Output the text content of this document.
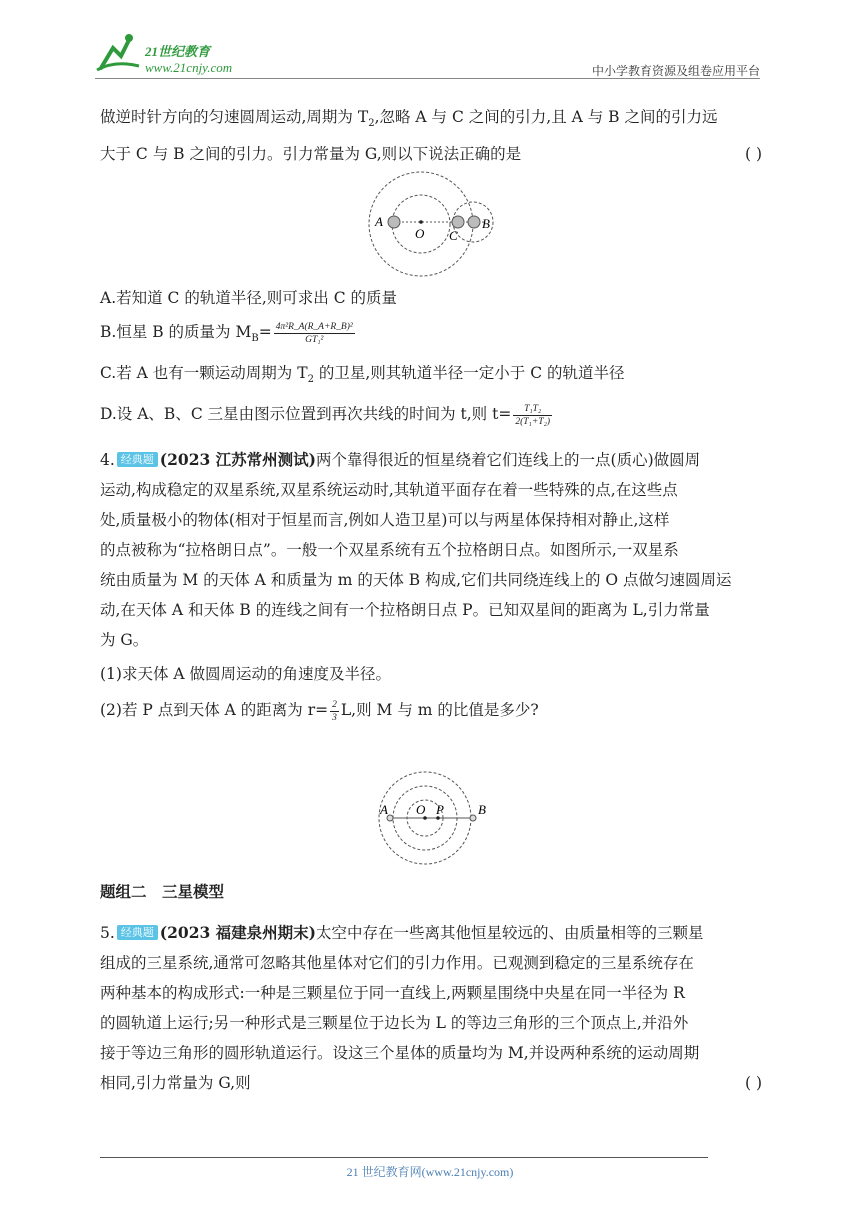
21世纪教育
www.21cnjy.com	中小学教育资源及组卷应用平台
做逆时针方向的匀速圆周运动,周期为 $T_2$,忽略 A 与 C 之间的引力,且 A 与 B 之间的引力远
大于 C 与 B 之间的引力。引力常量为 G,则以下说法正确的是	( )
A
O C
B
A.若知道 C 的轨道半径,则可求出 C 的质量
B.恒星 B 的质量为 $M_B= \frac{\text{4π²R\_A(R\_A+R\_B)²}}{\text{GT₁²}}$
C.若 A 也有一颗运动周期为 $T_2$ 的卫星,则其轨道半径一定小于 C 的轨道半径
D.设 A、B、C 三星由图示位置到再次共线的时间为 t,则 $t= \frac{\text{T₁T₂}}{\text{2(T₁+T₂)}}$
4. 经典题 (2023 江苏常州测试)两个靠得很近的恒星绕着它们连线上的一点(质心)做圆周
运动,构成稳定的双星系统,双星系统运动时,其轨道平面存在着一些特殊的点,在这些点
处,质量极小的物体(相对于恒星而言,例如人造卫星)可以与两星体保持相对静止,这样
的点被称为“拉格朗日点”。一般一个双星系统有五个拉格朗日点。如图所示,一双星系
统由质量为 M 的天体 A 和质量为 m 的天体 B 构成,它们共同绕连线上的 O 点做匀速圆周运
动,在天体 A 和天体 B 的连线之间有一个拉格朗日点 P。已知双星间的距离为 L,引力常量
为 G。
(1)求天体 A 做圆周运动的角速度及半径。
(2)若 P 点到天体 A 的距离为 $r= \frac{2}{3} L$,则 M 与 m 的比值是多少?
A O P	B
题组二　三星模型
5. 经典题 (2023 福建泉州期末)太空中存在一些离其他恒星较远的、由质量相等的三颗星
组成的三星系统,通常可忽略其他星体对它们的引力作用。已观测到稳定的三星系统存在
两种基本的构成形式:一种是三颗星位于同一直线上,两颗星围绕中央星在同一半径为 R
的圆轨道上运行;另一种形式是三颗星位于边长为 L 的等边三角形的三个顶点上,并沿外
接于等边三角形的圆形轨道运行。设这三个星体的质量均为 M,并设两种系统的运动周期
相同,引力常量为 G,则	( )
21 世纪教育网(www.21cnjy.com)
